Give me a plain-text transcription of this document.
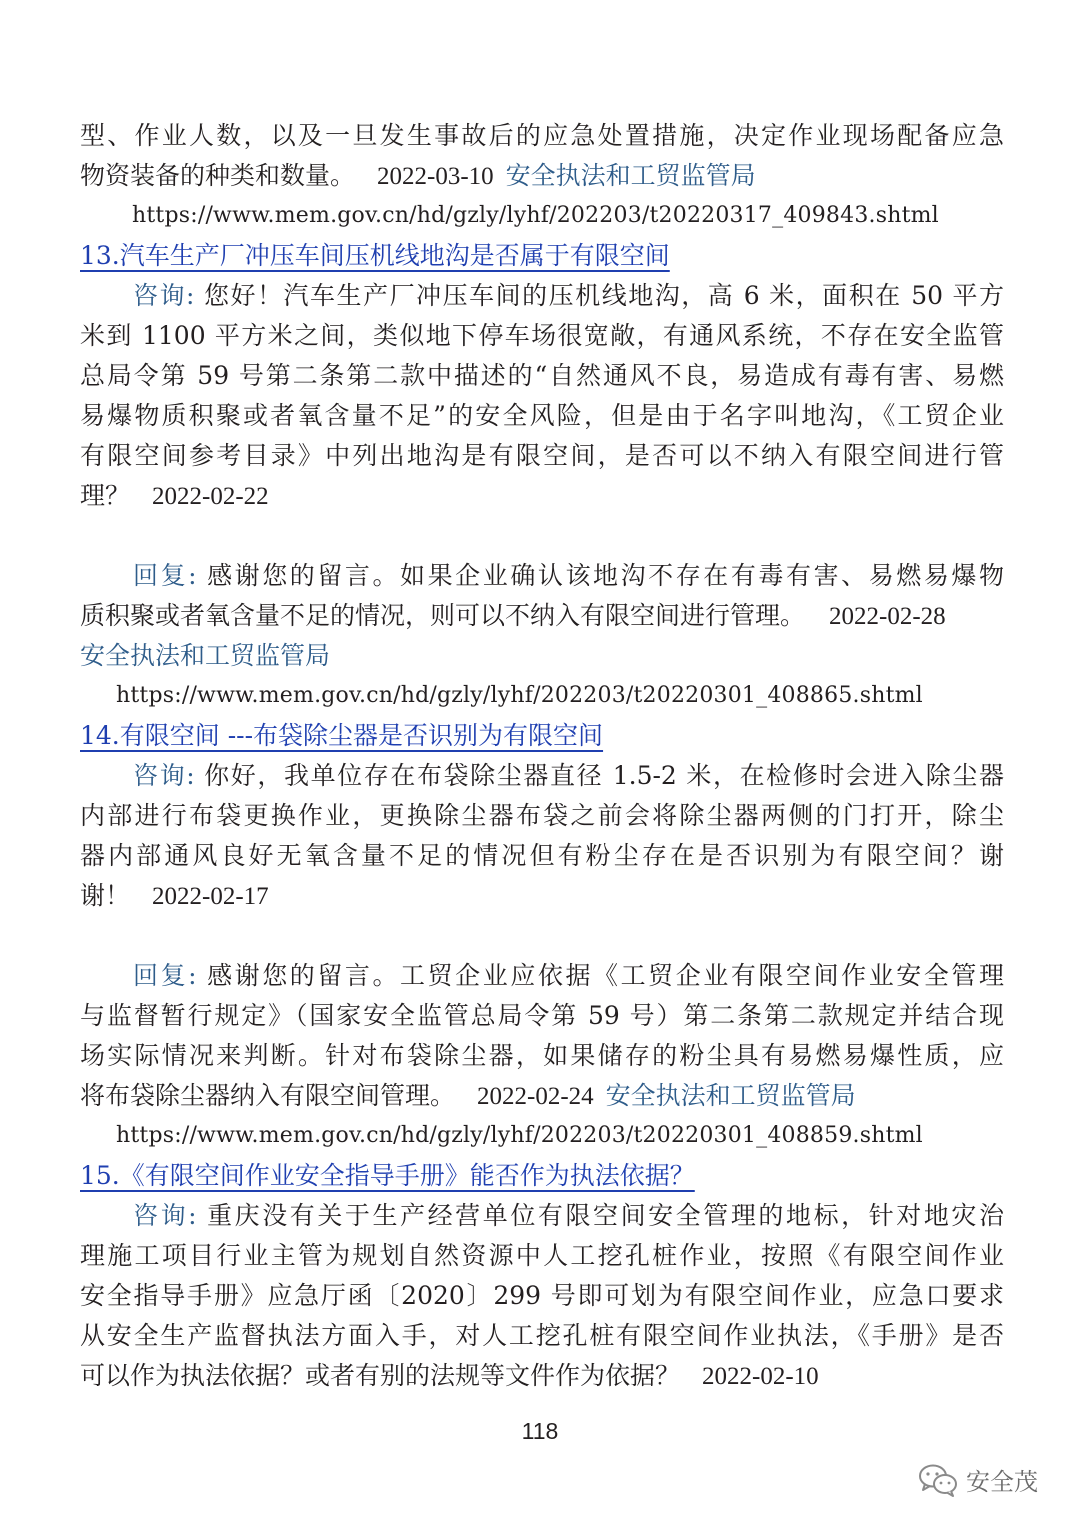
型、作业人数，以及一旦发生事故后的应急处置措施，决定作业现场配备应急
物资装备的种类和数量。 2022-03-10 安全执法和工贸监管局
https://www.mem.gov.cn/hd/gzly/lyhf/202203/t20220317_409843.shtml
13.汽车生产厂冲压车间压机线地沟是否属于有限空间
咨询: 您好！汽车生产厂冲压车间的压机线地沟，高 6 米，面积在 50 平方
米到 1100 平方米之间，类似地下停车场很宽敞，有通风系统，不存在安全监管
总局令第 59 号第二条第二款中描述的“自然通风不良，易造成有毒有害、易燃
易爆物质积聚或者氧含量不足”的安全风险，但是由于名字叫地沟，《工贸企业
有限空间参考目录》中列出地沟是有限空间，是否可以不纳入有限空间进行管
理？ 2022-02-22
回复: 感谢您的留言。如果企业确认该地沟不存在有毒有害、易燃易爆物
质积聚或者氧含量不足的情况，则可以不纳入有限空间进行管理。 2022-02-28
安全执法和工贸监管局
https://www.mem.gov.cn/hd/gzly/lyhf/202203/t20220301_408865.shtml
14.有限空间 ---布袋除尘器是否识别为有限空间
咨询: 你好，我单位存在布袋除尘器直径 1.5-2 米，在检修时会进入除尘器
内部进行布袋更换作业，更换除尘器布袋之前会将除尘器两侧的门打开，除尘
器内部通风良好无氧含量不足的情况但有粉尘存在是否识别为有限空间？谢
谢！ 2022-02-17
回复: 感谢您的留言。工贸企业应依据《工贸企业有限空间作业安全管理
与监督暂行规定》（国家安全监管总局令第 59 号）第二条第二款规定并结合现
场实际情况来判断。针对布袋除尘器，如果储存的粉尘具有易燃易爆性质，应
将布袋除尘器纳入有限空间管理。 2022-02-24 安全执法和工贸监管局
https://www.mem.gov.cn/hd/gzly/lyhf/202203/t20220301_408859.shtml
15.《有限空间作业安全指导手册》能否作为执法依据？
咨询: 重庆没有关于生产经营单位有限空间安全管理的地标，针对地灾治
理施工项目行业主管为规划自然资源中人工挖孔桩作业，按照《有限空间作业
安全指导手册》应急厅函〔2020〕299 号即可划为有限空间作业，应急口要求
从安全生产监督执法方面入手，对人工挖孔桩有限空间作业执法，《手册》是否
可以作为执法依据？或者有别的法规等文件作为依据？ 2022-02-10
118
安全茂
